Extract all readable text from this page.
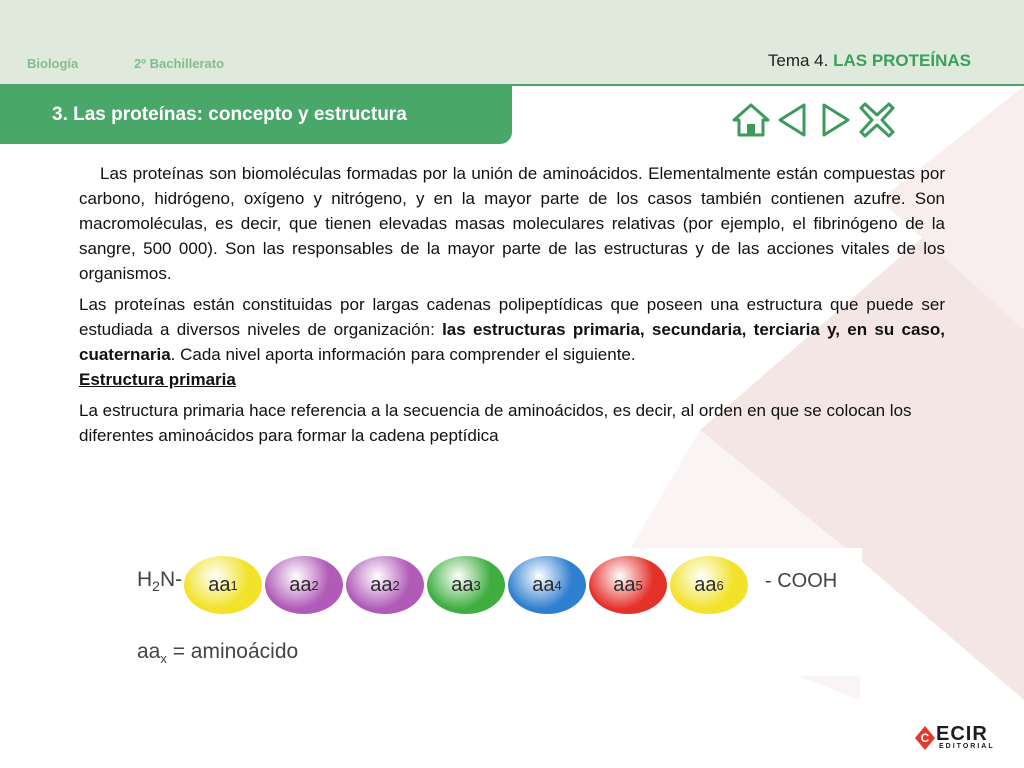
Biología	2º Bachillerato	Tema 4. LAS PROTEÍNAS
3. Las proteínas: concepto y estructura

Las proteínas son biomoléculas formadas por la unión de aminoácidos. Elementalmente están compuestas por carbono, hidrógeno, oxígeno y nitrógeno, y en la mayor parte de los casos también contienen azufre. Son macromoléculas, es decir, que tienen elevadas masas moleculares relativas (por ejemplo, el fibrinógeno de la sangre, 500 000). Son las responsables de la mayor parte de las estructuras y de las acciones vitales de los organismos.

Las proteínas están constituidas por largas cadenas polipeptídicas que poseen una estructura que puede ser estudiada a diversos niveles de organización: las estructuras primaria, secundaria, terciaria y, en su caso, cuaternaria. Cada nivel aporta información para comprender el siguiente.

Estructura primaria

La estructura primaria hace referencia a la secuencia de aminoácidos, es decir, al orden en que se colocan los diferentes aminoácidos para formar la cadena peptídica

$H_2N-$ aa 1	aa 2	aa 2	aa 3	aa 4	aa 5	aa 6 - COOH
$aa_x$ = aminoácido
C ECIR
EDITORIAL
